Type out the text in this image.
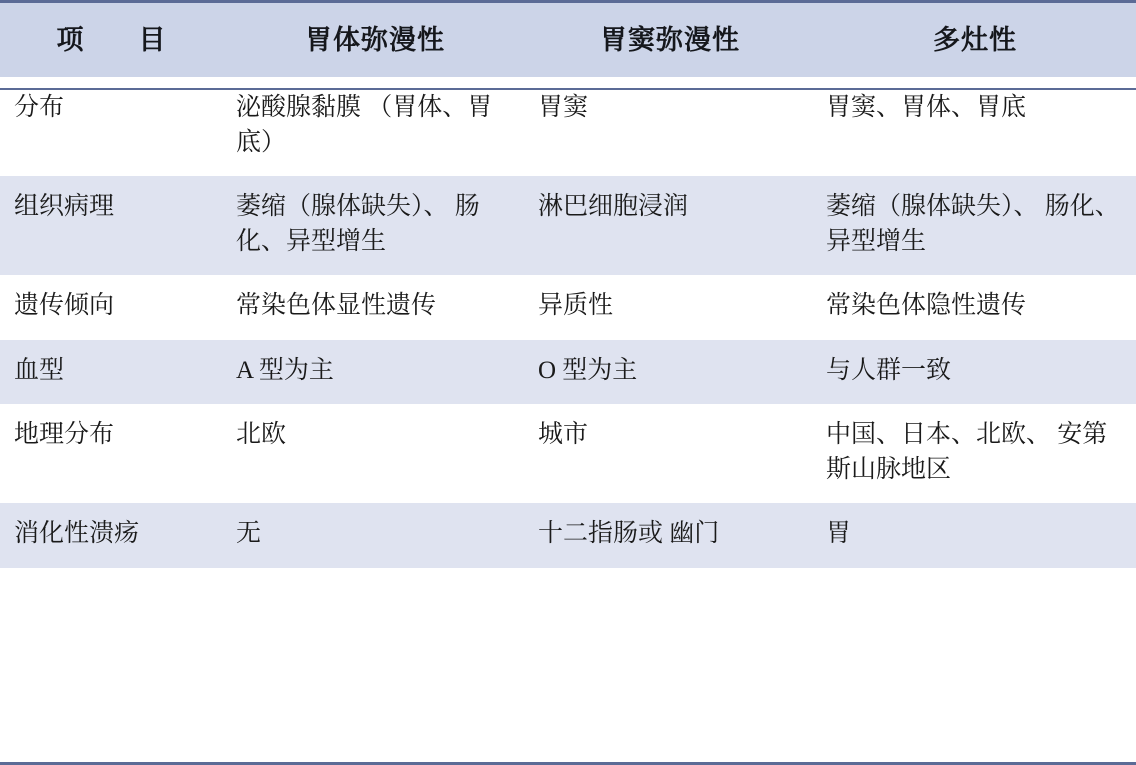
项　目	胃体弥漫性	胃窦弥漫性	多灶性
分布	泌酸腺黏膜 （胃体、胃底）	胃窦	胃窦、胃体、胃底
组织病理	萎缩（腺体缺失）、 肠化、异型增生	淋巴细胞浸润	萎缩（腺体缺失）、 肠化、异型增生
遗传倾向	常染色体显性遗传	异质性	常染色体隐性遗传
血型	A 型为主	O 型为主	与人群一致
地理分布	北欧	城市	中国、日本、北欧、 安第斯山脉地区
消化性溃疡	无	十二指肠或 幽门	胃
